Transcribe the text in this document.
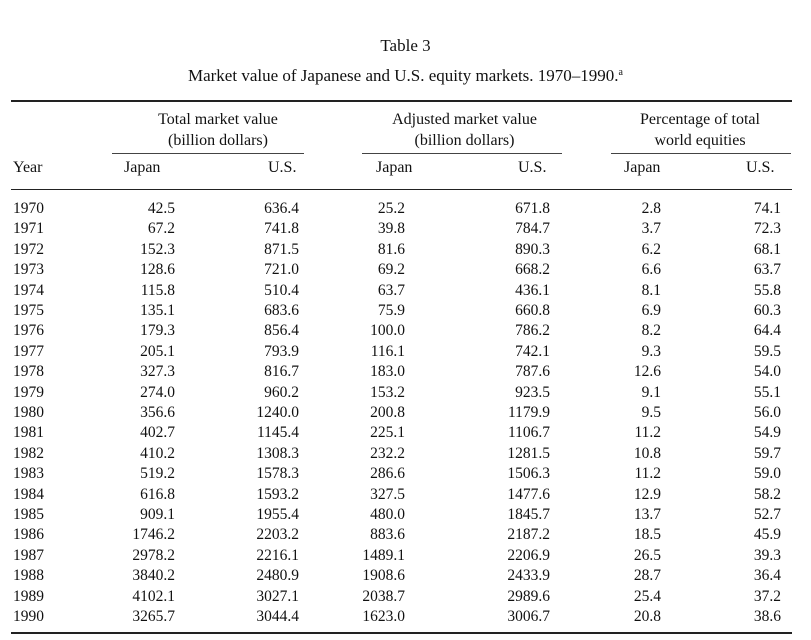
Table 3
Market value of Japanese and U.S. equity markets. 1970–1990.$^a$
Total market value
(billion dollars)
Adjusted market value
(billion dollars)
Percentage of total
world equities
Year	Japan	U.S.	Japan	U.S.	Japan	U.S.
1970	42.5	636.4	25.2	671.8	2.8	74.1
1971	67.2	741.8	39.8	784.7	3.7	72.3
1972	152.3	871.5	81.6	890.3	6.2	68.1
1973	128.6	721.0	69.2	668.2	6.6	63.7
1974	115.8	510.4	63.7	436.1	8.1	55.8
1975	135.1	683.6	75.9	660.8	6.9	60.3
1976	179.3	856.4	100.0	786.2	8.2	64.4
1977	205.1	793.9	116.1	742.1	9.3	59.5
1978	327.3	816.7	183.0	787.6	12.6	54.0
1979	274.0	960.2	153.2	923.5	9.1	55.1
1980	356.6	1240.0	200.8	1179.9	9.5	56.0
1981	402.7	1145.4	225.1	1106.7	11.2	54.9
1982	410.2	1308.3	232.2	1281.5	10.8	59.7
1983	519.2	1578.3	286.6	1506.3	11.2	59.0
1984	616.8	1593.2	327.5	1477.6	12.9	58.2
1985	909.1	1955.4	480.0	1845.7	13.7	52.7
1986	1746.2	2203.2	883.6	2187.2	18.5	45.9
1987	2978.2	2216.1	1489.1	2206.9	26.5	39.3
1988	3840.2	2480.9	1908.6	2433.9	28.7	36.4
1989	4102.1	3027.1	2038.7	2989.6	25.4	37.2
1990	3265.7	3044.4	1623.0	3006.7	20.8	38.6
